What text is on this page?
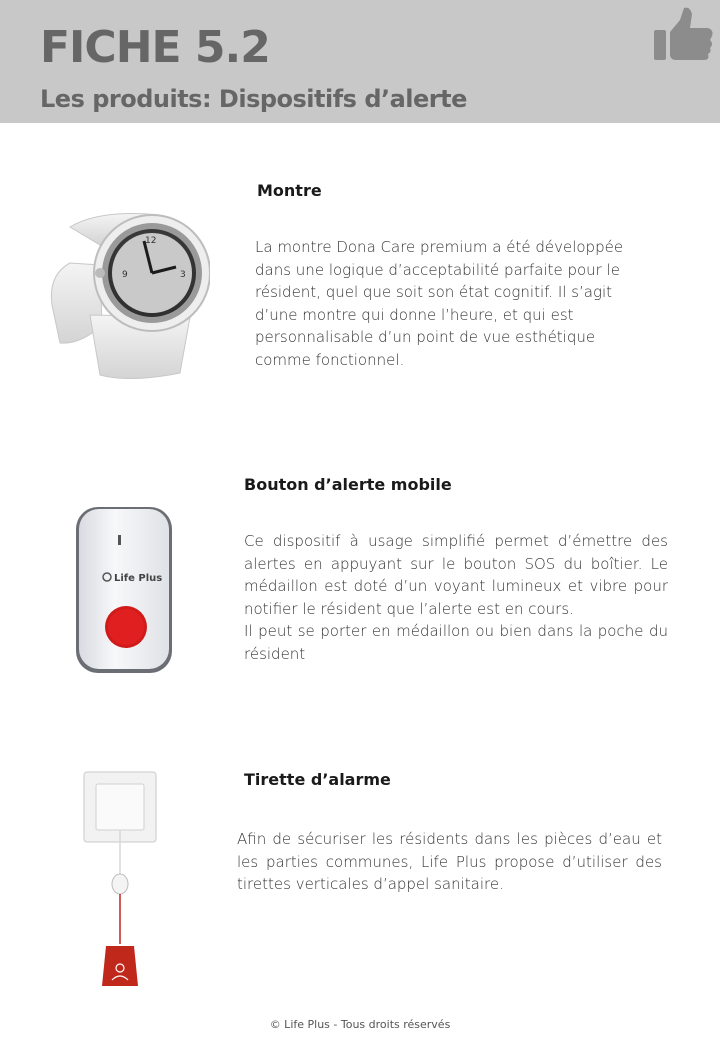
FICHE 5.2
Les produits: Dispositifs d’alerte
Montre
La montre Dona Care premium a été développée dans une logique d’acceptabilité parfaite pour le résident, quel que soit son état cognitif. Il s’agit d’une montre qui donne l’heure, et qui est personnalisable d’un point de vue esthétique comme fonctionnel.
12
3
9
Bouton d’alerte mobile
Ce dispositif à usage simplifié permet d’émettre des alertes en appuyant sur le bouton SOS du boîtier. Le médaillon est doté d’un voyant lumineux et vibre pour notifier le résident que l’alerte est en cours.
Il peut se porter en médaillon ou bien dans la poche du résident
Life Plus
Tirette d’alarme
Afin de sécuriser les résidents dans les pièces d’eau et les parties communes, Life Plus propose d’utiliser des tirettes verticales d’appel sanitaire.
© Life Plus - Tous droits réservés
